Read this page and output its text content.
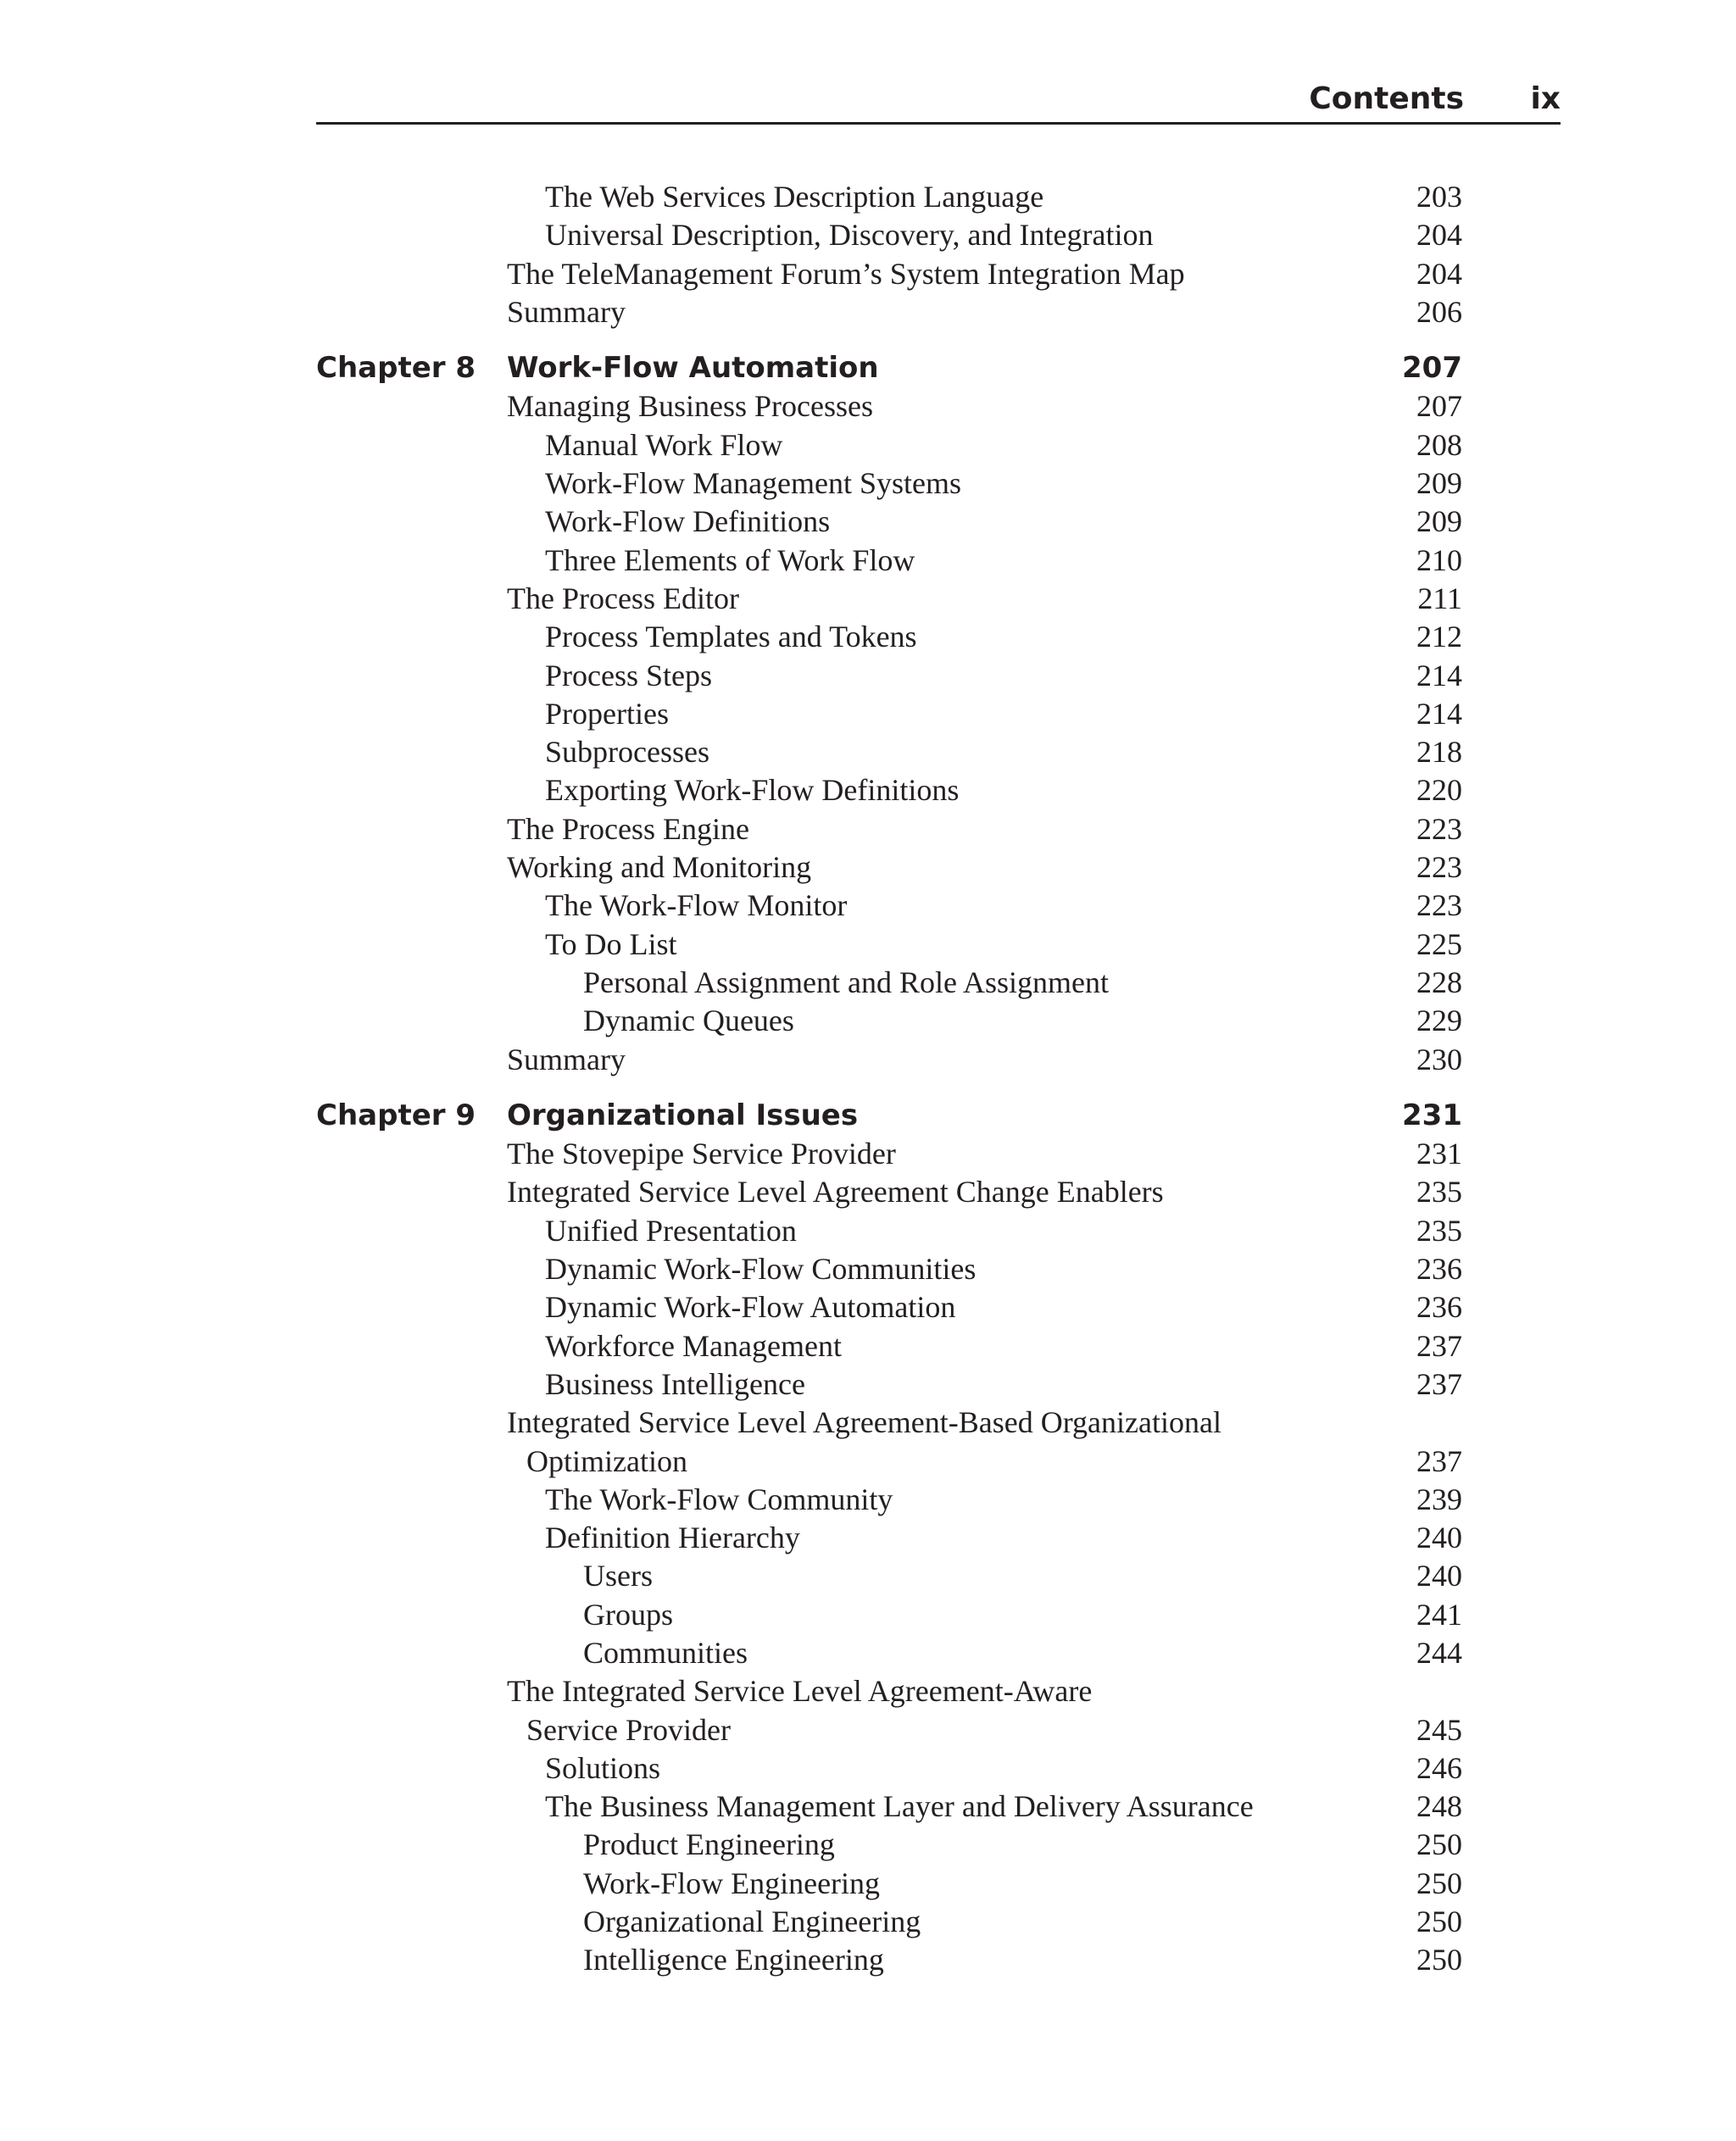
Contents ix
The Web Services Description Language	203
Universal Description, Discovery, and Integration	204
The TeleManagement Forum’s System Integration Map	204
Summary	206
Chapter 8 Work-Flow Automation	207
Managing Business Processes	207
Manual Work Flow	208
Work-Flow Management Systems	209
Work-Flow Definitions	209
Three Elements of Work Flow	210
The Process Editor	211
Process Templates and Tokens	212
Process Steps	214
Properties	214
Subprocesses	218
Exporting Work-Flow Definitions	220
The Process Engine	223
Working and Monitoring	223
The Work-Flow Monitor	223
To Do List	225
Personal Assignment and Role Assignment	228
Dynamic Queues	229
Summary	230
Chapter 9 Organizational Issues	231
The Stovepipe Service Provider	231
Integrated Service Level Agreement Change Enablers	235
Unified Presentation	235
Dynamic Work-Flow Communities	236
Dynamic Work-Flow Automation	236
Workforce Management	237
Business Intelligence	237
Integrated Service Level Agreement-Based Organizational
Optimization	237
The Work-Flow Community	239
Definition Hierarchy	240
Users	240
Groups	241
Communities	244
The Integrated Service Level Agreement-Aware
Service Provider	245
Solutions	246
The Business Management Layer and Delivery Assurance	248
Product Engineering	250
Work-Flow Engineering	250
Organizational Engineering	250
Intelligence Engineering	250
